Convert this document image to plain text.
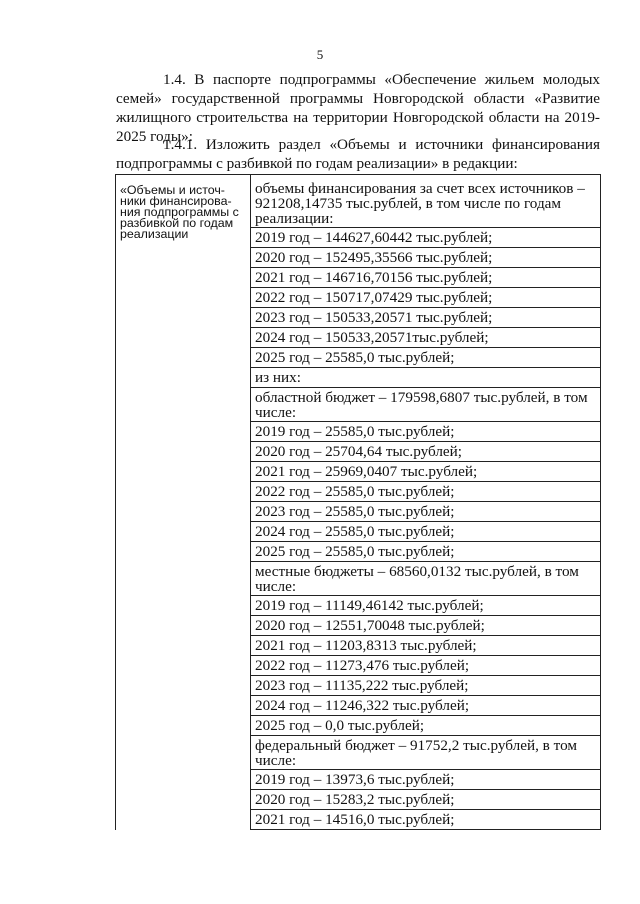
5
1.4. В паспорте подпрограммы «Обеспечение жильем молодых семей» государственной программы Новгородской области «Развитие жилищного строительства на территории Новгородской области на 2019-2025 годы»:
1.4.1. Изложить раздел «Объемы и источники финансирования подпрограммы с разбивкой по годам реализации» в редакции:
«Объемы и источ-
ники финансирова-
ния подпрограммы с
разбивкой по годам
реализации
объемы финансирования за счет всех источников – 921208,14735 тыс.рублей, в том числе по годам реализации:
2019 год – 144627,60442 тыс.рублей;
2020 год – 152495,35566 тыс.рублей;
2021 год – 146716,70156 тыс.рублей;
2022 год – 150717,07429 тыс.рублей;
2023 год – 150533,20571 тыс.рублей;
2024 год – 150533,20571тыс.рублей;
2025 год – 25585,0 тыс.рублей;
из них:
областной бюджет – 179598,6807 тыс.рублей, в том числе:
2019 год – 25585,0 тыс.рублей;
2020 год – 25704,64 тыс.рублей;
2021 год – 25969,0407 тыс.рублей;
2022 год – 25585,0 тыс.рублей;
2023 год – 25585,0 тыс.рублей;
2024 год – 25585,0 тыс.рублей;
2025 год – 25585,0 тыс.рублей;
местные бюджеты – 68560,0132 тыс.рублей, в том числе:
2019 год – 11149,46142 тыс.рублей;
2020 год – 12551,70048 тыс.рублей;
2021 год – 11203,8313 тыс.рублей;
2022 год – 11273,476 тыс.рублей;
2023 год – 11135,222 тыс.рублей;
2024 год – 11246,322 тыс.рублей;
2025 год – 0,0 тыс.рублей;
федеральный бюджет – 91752,2 тыс.рублей, в том числе:
2019 год – 13973,6 тыс.рублей;
2020 год – 15283,2 тыс.рублей;
2021 год – 14516,0 тыс.рублей;
